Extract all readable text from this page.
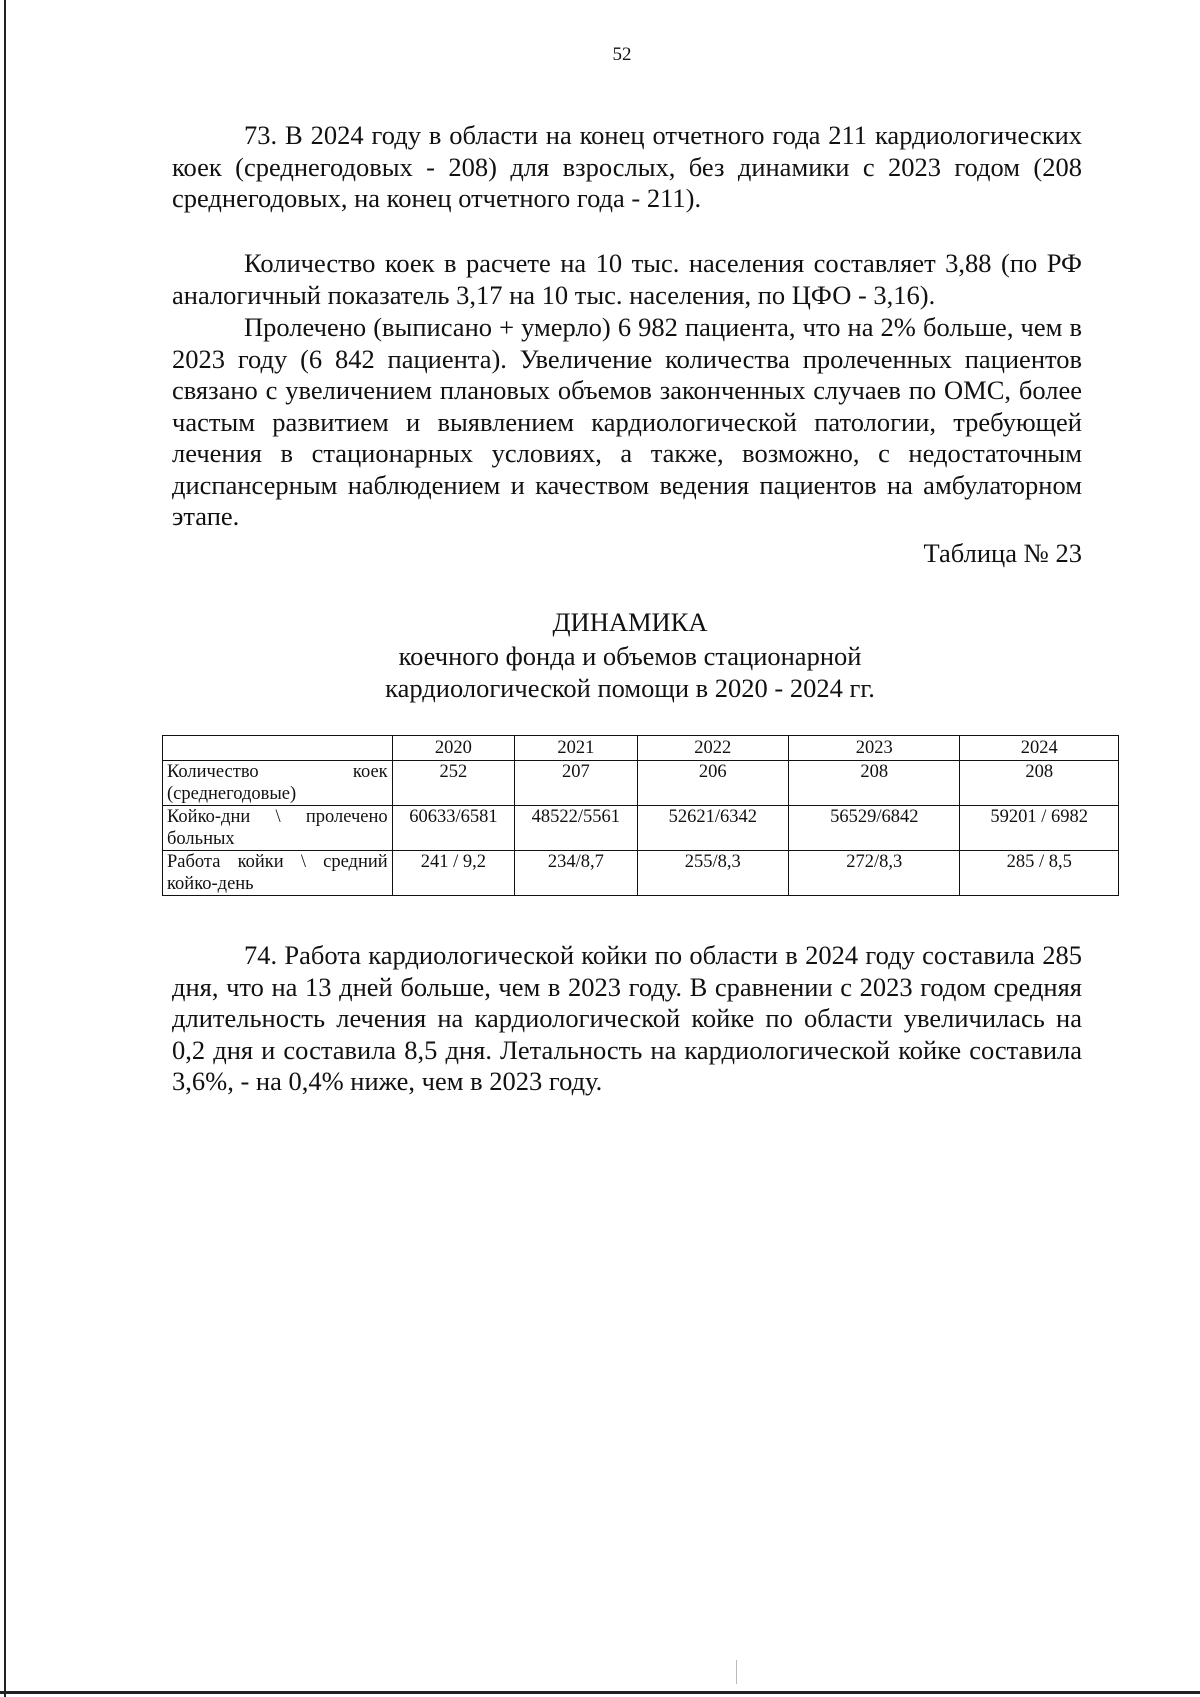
52

73. В 2024 году в области на конец отчетного года 211 кардиологических коек (среднегодовых - 208) для взрослых, без динамики с 2023 годом (208 среднегодовых, на конец отчетного года - 211).

Количество коек в расчете на 10 тыс. населения составляет 3,88 (по РФ аналогичный показатель 3,17 на 10 тыс. населения, по ЦФО - 3,16).

Пролечено (выписано + умерло) 6 982 пациента, что на 2% больше, чем в 2023 году (6 842 пациента). Увеличение количества пролеченных пациентов связано с увеличением плановых объемов законченных случаев по ОМС, более частым развитием и выявлением кардиологической патологии, требующей лечения в стационарных условиях, а также, возможно, с недостаточным диспансерным наблюдением и качеством ведения пациентов на амбулаторном этапе.

Таблица № 23
ДИНАМИКА
коечного фонда и объемов стационарной
кардиологической помощи в 2020 - 2024 гг.
	2020	2021	2022	2023	2024
Количество коек (среднегодовые)	252	207	206	208	208
Койко-дни \ пролечено больных	60633/6581	48522/5561	52621/6342	56529/6842	59201 / 6982
Работа койки \ средний койко-день	241 / 9,2	234/8,7	255/8,3	272/8,3	285 / 8,5

74. Работа кардиологической койки по области в 2024 году составила 285 дня, что на 13 дней больше, чем в 2023 году. В сравнении с 2023 годом средняя длительность лечения на кардиологической койке по области увеличилась на 0,2 дня и составила 8,5 дня. Летальность на кардиологической койке составила 3,6%, - на 0,4% ниже, чем в 2023 году.
